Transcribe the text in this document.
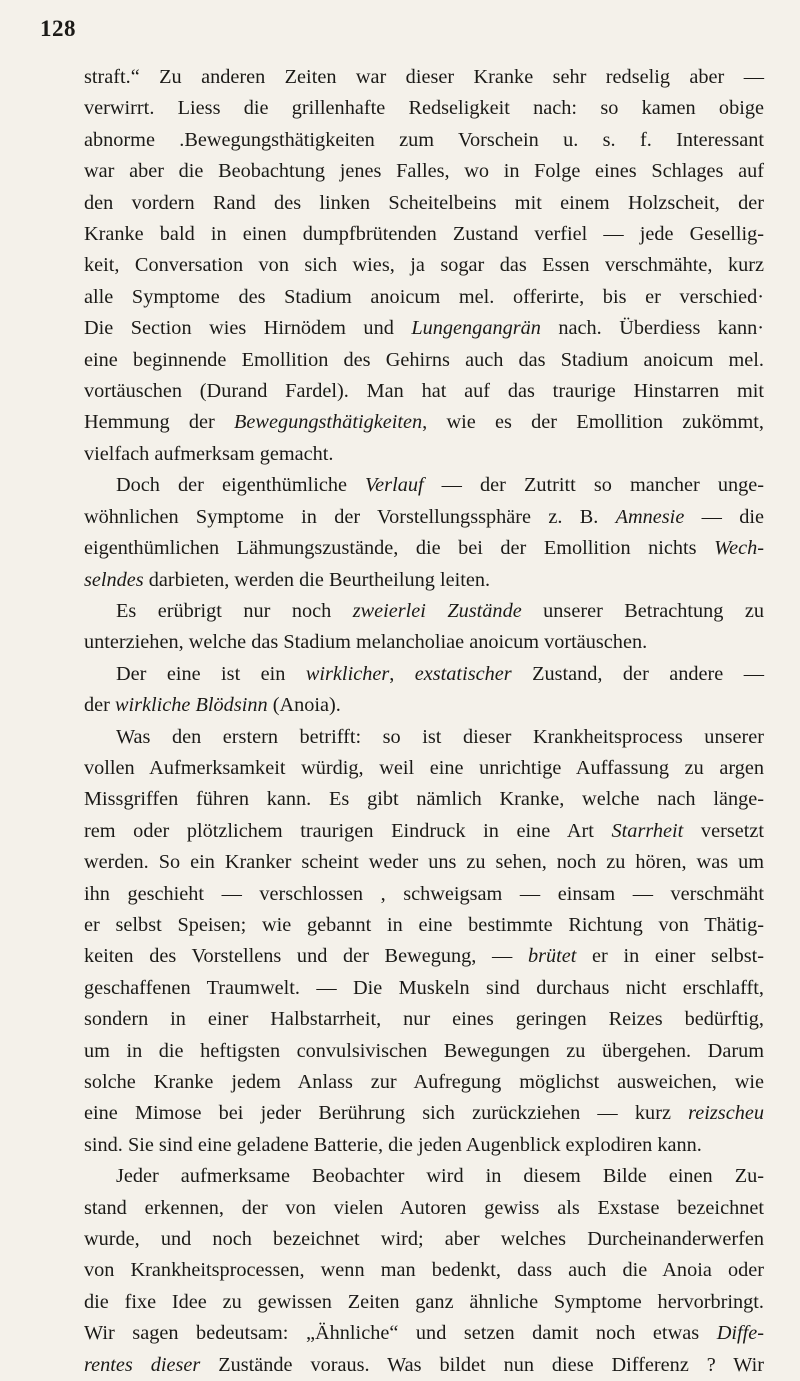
128
straft.“ Zu anderen Zeiten war dieser Kranke sehr redselig aber —
verwirrt. Liess die grillenhafte Redseligkeit nach: so kamen obige
abnorme .Bewegungsthätigkeiten zum Vorschein u. s. f. Interessant
war aber die Beobachtung jenes Falles, wo in Folge eines Schlages auf
den vordern Rand des linken Scheitelbeins mit einem Holzscheit, der
Kranke bald in einen dumpfbrütenden Zustand verfiel — jede Gesellig-
keit, Conversation von sich wies, ja sogar das Essen verschmähte, kurz
alle Symptome des Stadium anoicum mel. offerirte, bis er verschied·
Die Section wies Hirnödem und Lungengangrän nach. Überdiess kann·
eine beginnende Emollition des Gehirns auch das Stadium anoicum mel.
vortäuschen (Durand Fardel). Man hat auf das traurige Hinstarren mit
Hemmung der Bewegungsthätigkeiten, wie es der Emollition zukömmt,
vielfach aufmerksam gemacht.
Doch der eigenthümliche Verlauf — der Zutritt so mancher unge-
wöhnlichen Symptome in der Vorstellungssphäre z. B. Amnesie — die
eigenthümlichen Lähmungszustände, die bei der Emollition nichts Wech-
selndes darbieten, werden die Beurtheilung leiten.
Es erübrigt nur noch zweierlei Zustände unserer Betrachtung zu
unterziehen, welche das Stadium melancholiae anoicum vortäuschen.
Der eine ist ein wirklicher, exstatischer Zustand, der andere —
der wirkliche Blödsinn (Anoia).
Was den erstern betrifft: so ist dieser Krankheitsprocess unserer
vollen Aufmerksamkeit würdig, weil eine unrichtige Auffassung zu argen
Missgriffen führen kann. Es gibt nämlich Kranke, welche nach länge-
rem oder plötzlichem traurigen Eindruck in eine Art Starrheit versetzt
werden. So ein Kranker scheint weder uns zu sehen, noch zu hören, was um
ihn geschieht — verschlossen , schweigsam — einsam — verschmäht
er selbst Speisen; wie gebannt in eine bestimmte Richtung von Thätig-
keiten des Vorstellens und der Bewegung, — brütet er in einer selbst-
geschaffenen Traumwelt. — Die Muskeln sind durchaus nicht erschlafft,
sondern in einer Halbstarrheit, nur eines geringen Reizes bedürftig,
um in die heftigsten convulsivischen Bewegungen zu übergehen. Darum
solche Kranke jedem Anlass zur Aufregung möglichst ausweichen, wie
eine Mimose bei jeder Berührung sich zurückziehen — kurz reizscheu
sind. Sie sind eine geladene Batterie, die jeden Augenblick explodiren kann.
Jeder aufmerksame Beobachter wird in diesem Bilde einen Zu-
stand erkennen, der von vielen Autoren gewiss als Exstase bezeichnet
wurde, und noch bezeichnet wird; aber welches Durcheinanderwerfen
von Krankheitsprocessen, wenn man bedenkt, dass auch die Anoia oder
die fixe Idee zu gewissen Zeiten ganz ähnliche Symptome hervorbringt.
Wir sagen bedeutsam: „Ähnliche“ und setzen damit noch etwas Diffe-
rentes dieser Zustände voraus. Was bildet nun diese Differenz ? Wir
